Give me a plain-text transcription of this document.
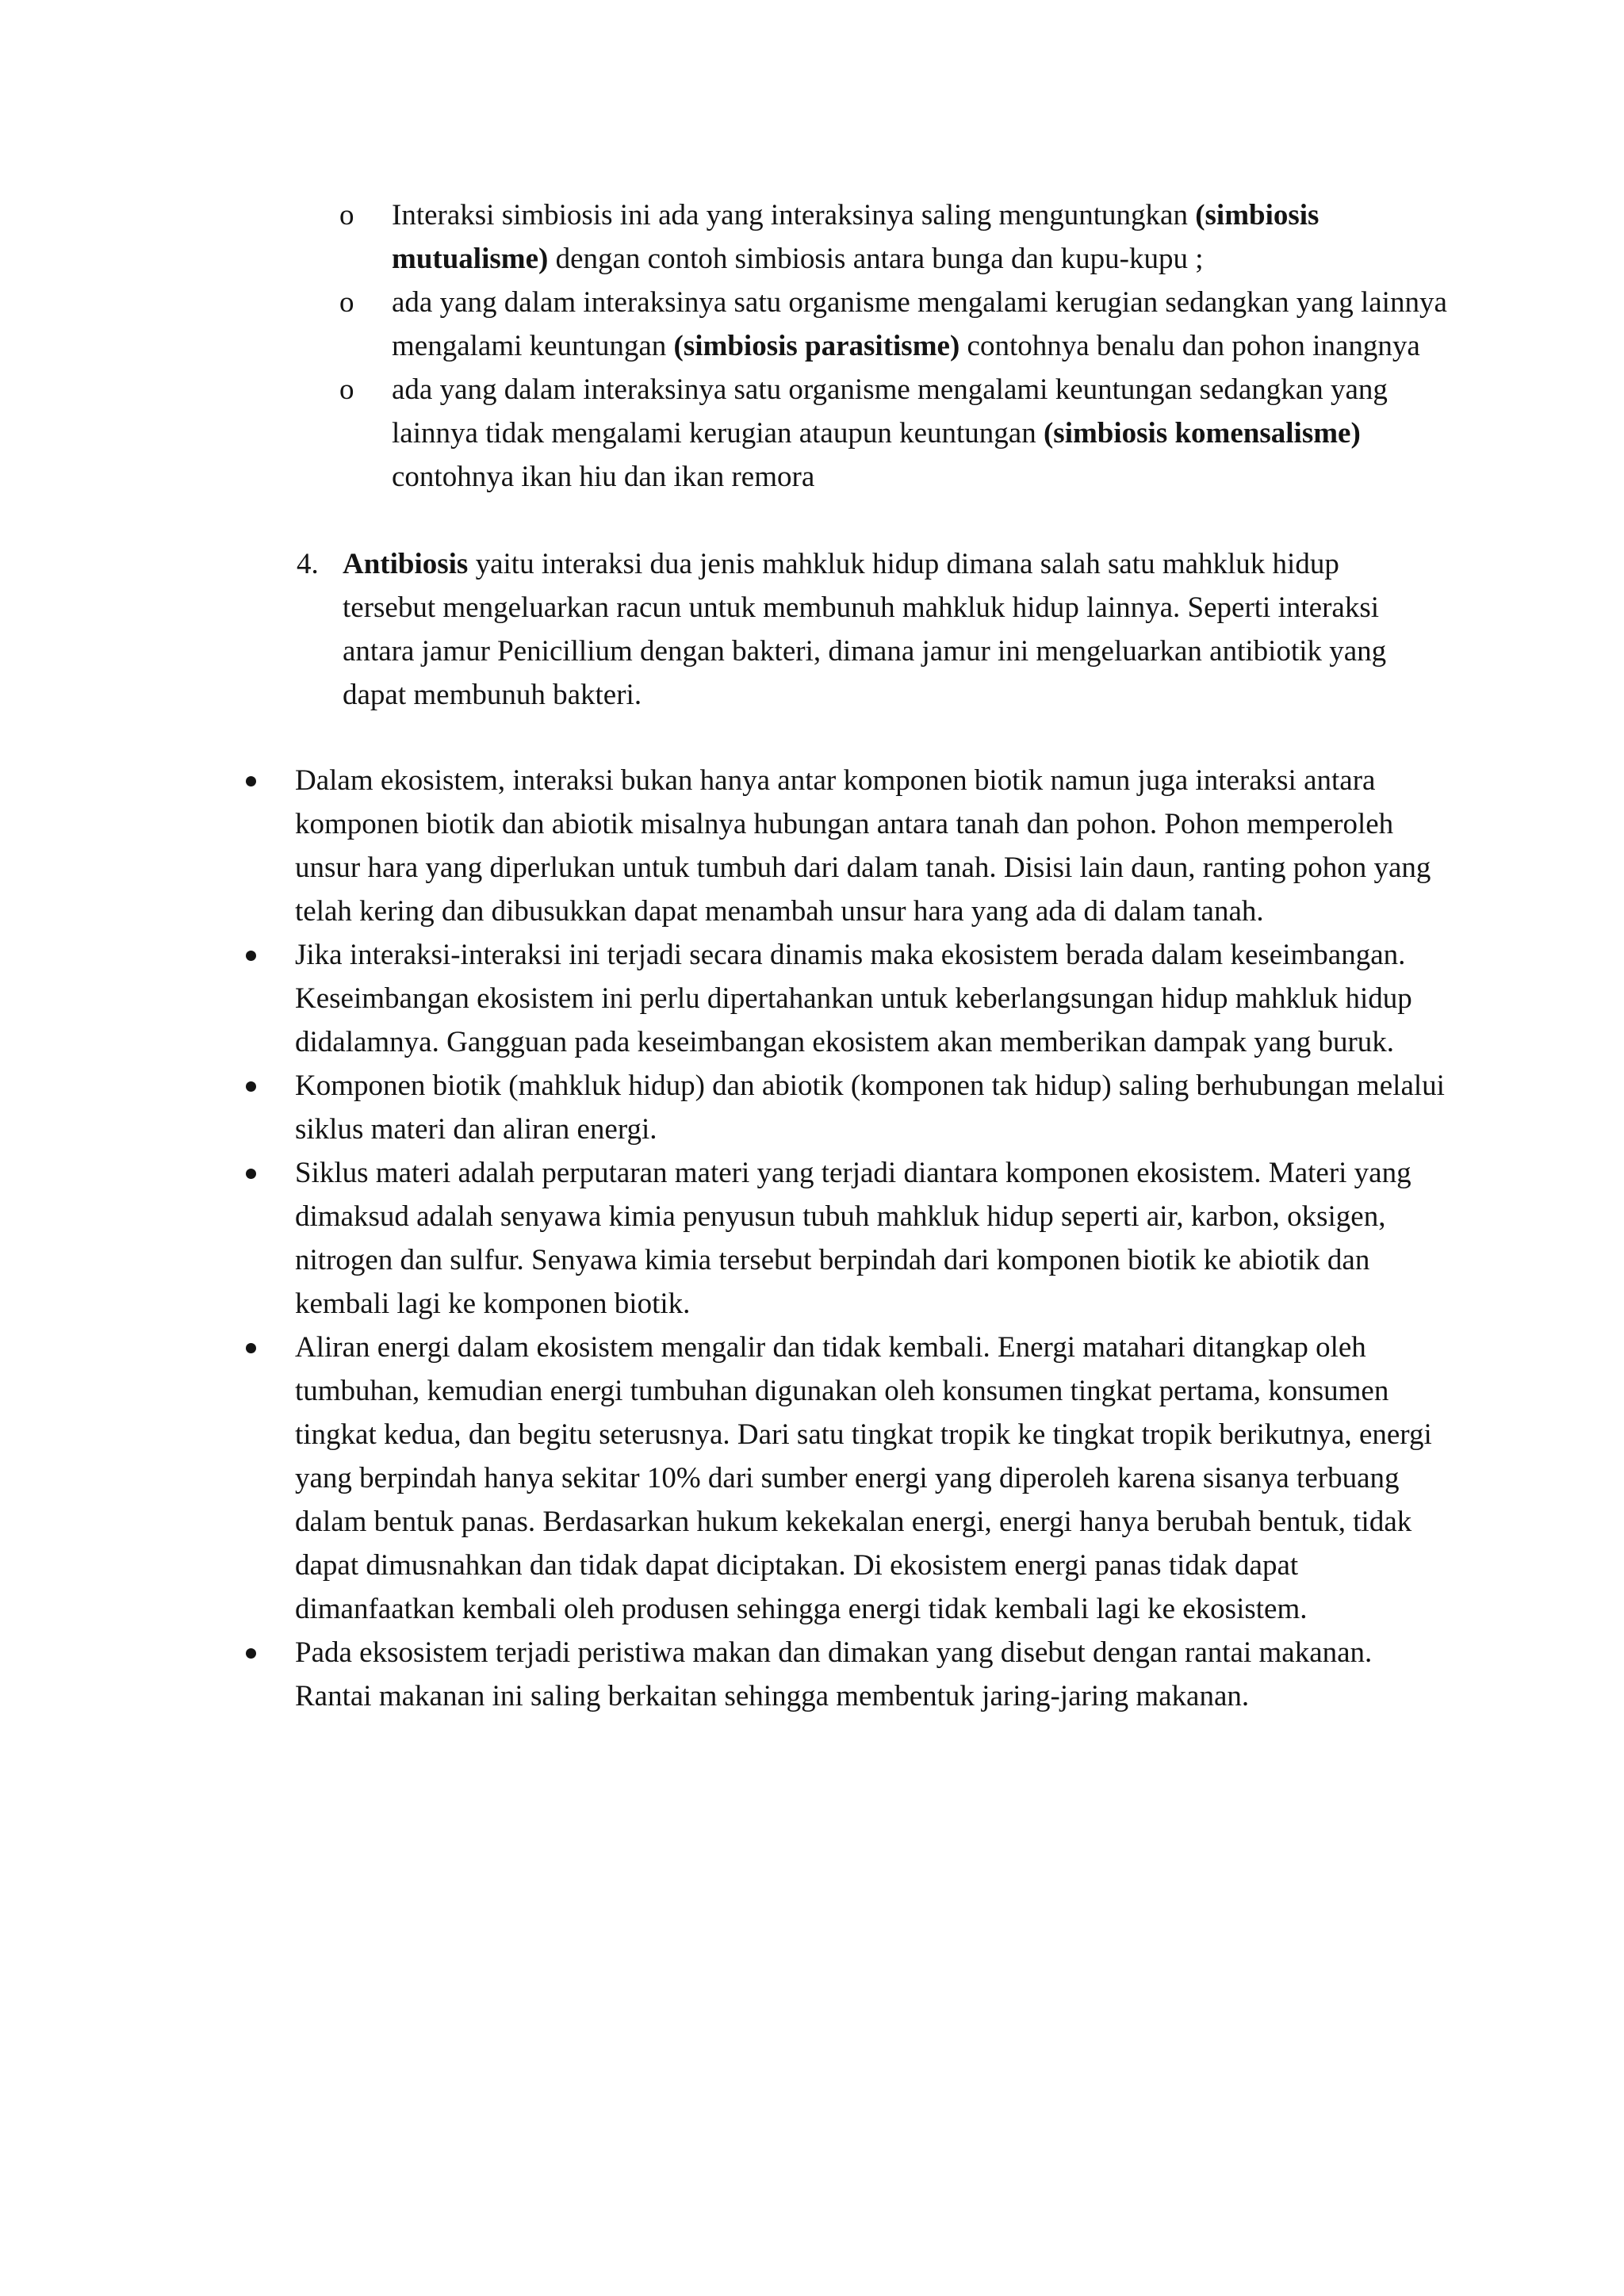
o	Interaksi simbiosis ini ada yang interaksinya saling menguntungkan (simbiosis mutualisme) dengan contoh simbiosis antara bunga dan kupu-kupu ;
o	ada yang dalam interaksinya satu organisme mengalami kerugian sedangkan yang lainnya mengalami keuntungan (simbiosis parasitisme) contohnya benalu dan pohon inangnya
o	ada yang dalam interaksinya satu organisme mengalami keuntungan sedangkan yang lainnya tidak mengalami kerugian ataupun keuntungan (simbiosis komensalisme) contohnya ikan hiu dan ikan remora
4. Antibiosis yaitu interaksi dua jenis mahkluk hidup dimana salah satu mahkluk hidup tersebut mengeluarkan racun untuk membunuh mahkluk hidup lainnya. Seperti interaksi antara jamur Penicillium dengan bakteri, dimana jamur ini mengeluarkan antibiotik yang dapat membunuh bakteri.
Dalam ekosistem, interaksi bukan hanya antar komponen biotik namun juga interaksi antara komponen biotik dan abiotik misalnya hubungan antara tanah dan pohon. Pohon memperoleh unsur hara yang diperlukan untuk tumbuh dari dalam tanah. Disisi lain daun, ranting pohon yang telah kering dan dibusukkan dapat menambah unsur hara yang ada di dalam tanah.
Jika interaksi-interaksi ini terjadi secara dinamis maka ekosistem berada dalam keseimbangan. Keseimbangan ekosistem ini perlu dipertahankan untuk keberlangsungan hidup mahkluk hidup didalamnya. Gangguan pada keseimbangan ekosistem akan memberikan dampak yang buruk.
Komponen biotik (mahkluk hidup) dan abiotik (komponen tak hidup) saling berhubungan melalui siklus materi dan aliran energi.
Siklus materi adalah perputaran materi yang terjadi diantara komponen ekosistem. Materi yang dimaksud adalah senyawa kimia penyusun tubuh mahkluk hidup seperti air, karbon, oksigen, nitrogen dan sulfur. Senyawa kimia tersebut berpindah dari komponen biotik ke abiotik dan kembali lagi ke komponen biotik.
Aliran energi dalam ekosistem mengalir dan tidak kembali. Energi matahari ditangkap oleh tumbuhan, kemudian energi tumbuhan digunakan oleh konsumen tingkat pertama, konsumen tingkat kedua, dan begitu seterusnya. Dari satu tingkat tropik ke tingkat tropik berikutnya, energi yang berpindah hanya sekitar 10% dari sumber energi yang diperoleh karena sisanya terbuang dalam bentuk panas. Berdasarkan hukum kekekalan energi, energi hanya berubah bentuk, tidak dapat dimusnahkan dan tidak dapat diciptakan. Di ekosistem energi panas tidak dapat dimanfaatkan kembali oleh produsen sehingga energi tidak kembali lagi ke ekosistem.
Pada eksosistem terjadi peristiwa makan dan dimakan yang disebut dengan rantai makanan. Rantai makanan ini saling berkaitan sehingga membentuk jaring-jaring makanan.
